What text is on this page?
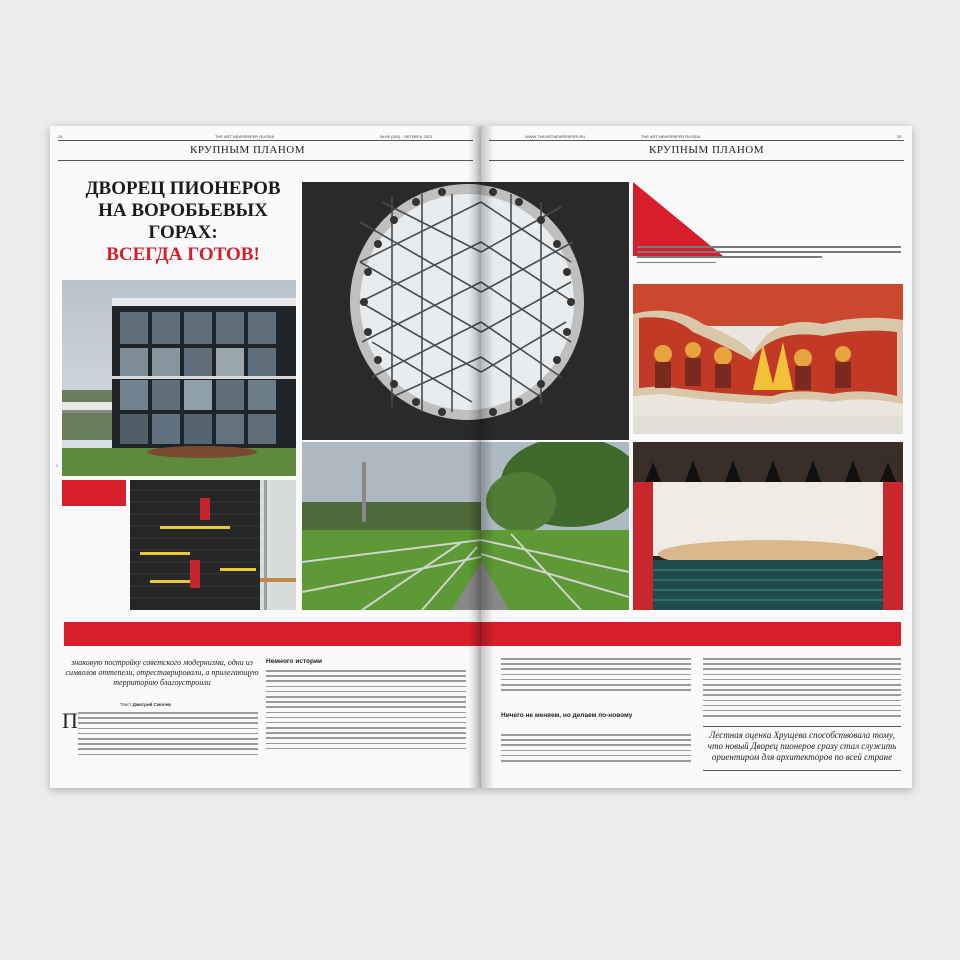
24	THE ART NEWSPAPER RUSSIA	№ 69 (182) · ОКТЯБРЬ 2021
КРУПНЫМ ПЛАНОМ
ДВОРЕЦ ПИОНЕРОВ
НА ВОРОБЬЕВЫХ
ГОРАХ:
ВСЕГДА ГОТОВ!
1
знаковую постройку советского модернизма, одни из символов оттепели, отреставрировали, а прилегающую территорию благоустроили
Текст Дмитрий Смолев
П
Немного истории
WWW.THEARTNEWSPAPER.RU	THE ART NEWSPAPER RUSSIA	25
КРУПНЫМ ПЛАНОМ
Ничего не меняем, но делаем по-новому
Лестная оценка Хрущева способствовала тому, что новый Дворец пионеров сразу стал служить ориентиром для архитекторов по всей стране
